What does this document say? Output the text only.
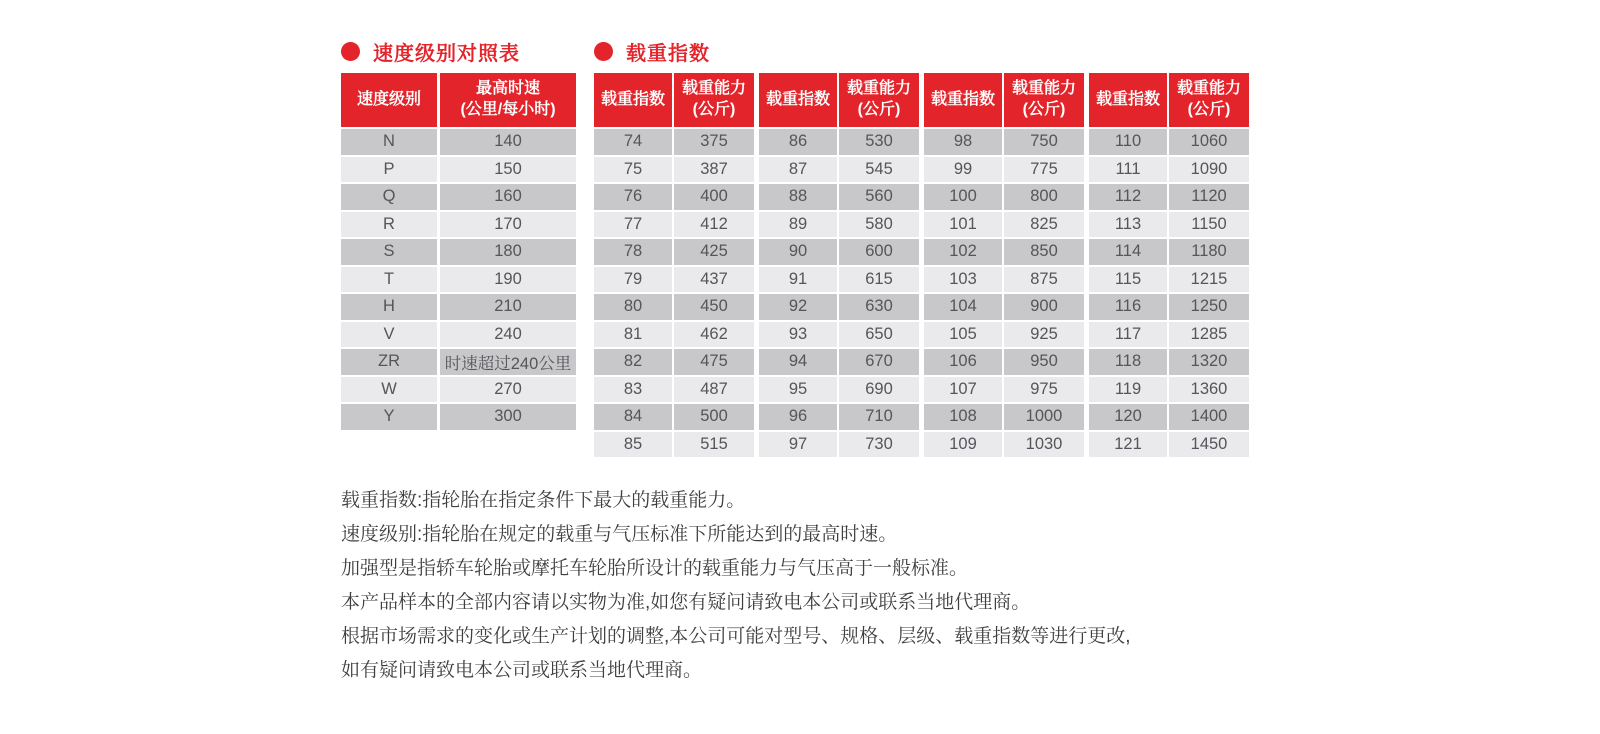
速度级别对照表
速度级别
最高时速
(公里/每小时)
N	140
P	150
Q	160
R	170
S	180
T	190
H	210
V	240
ZR	时速超过240公里
W	270
Y	300
载重指数
载重指数
载重能力
(公斤)
74	375
75	387
76	400
77	412
78	425
79	437
80	450
81	462
82	475
83	487
84	500
85	515
载重指数
载重能力
(公斤)
86	530
87	545
88	560
89	580
90	600
91	615
92	630
93	650
94	670
95	690
96	710
97	730
载重指数
载重能力
(公斤)
98	750
99	775
100	800
101	825
102	850
103	875
104	900
105	925
106	950
107	975
108	1000
109	1030
载重指数
载重能力
(公斤)
110	1060
111	1090
112	1120
113	1150
114	1180
115	1215
116	1250
117	1285
118	1320
119	1360
120	1400
121	1450
载重指数:指轮胎在指定条件下最大的载重能力。
速度级别:指轮胎在规定的载重与气压标准下所能达到的最高时速。
加强型是指轿车轮胎或摩托车轮胎所设计的载重能力与气压高于一般标准。
本产品样本的全部内容请以实物为准,如您有疑问请致电本公司或联系当地代理商。
根据市场需求的变化或生产计划的调整,本公司可能对型号、规格、层级、载重指数等进行更改,
如有疑问请致电本公司或联系当地代理商。
